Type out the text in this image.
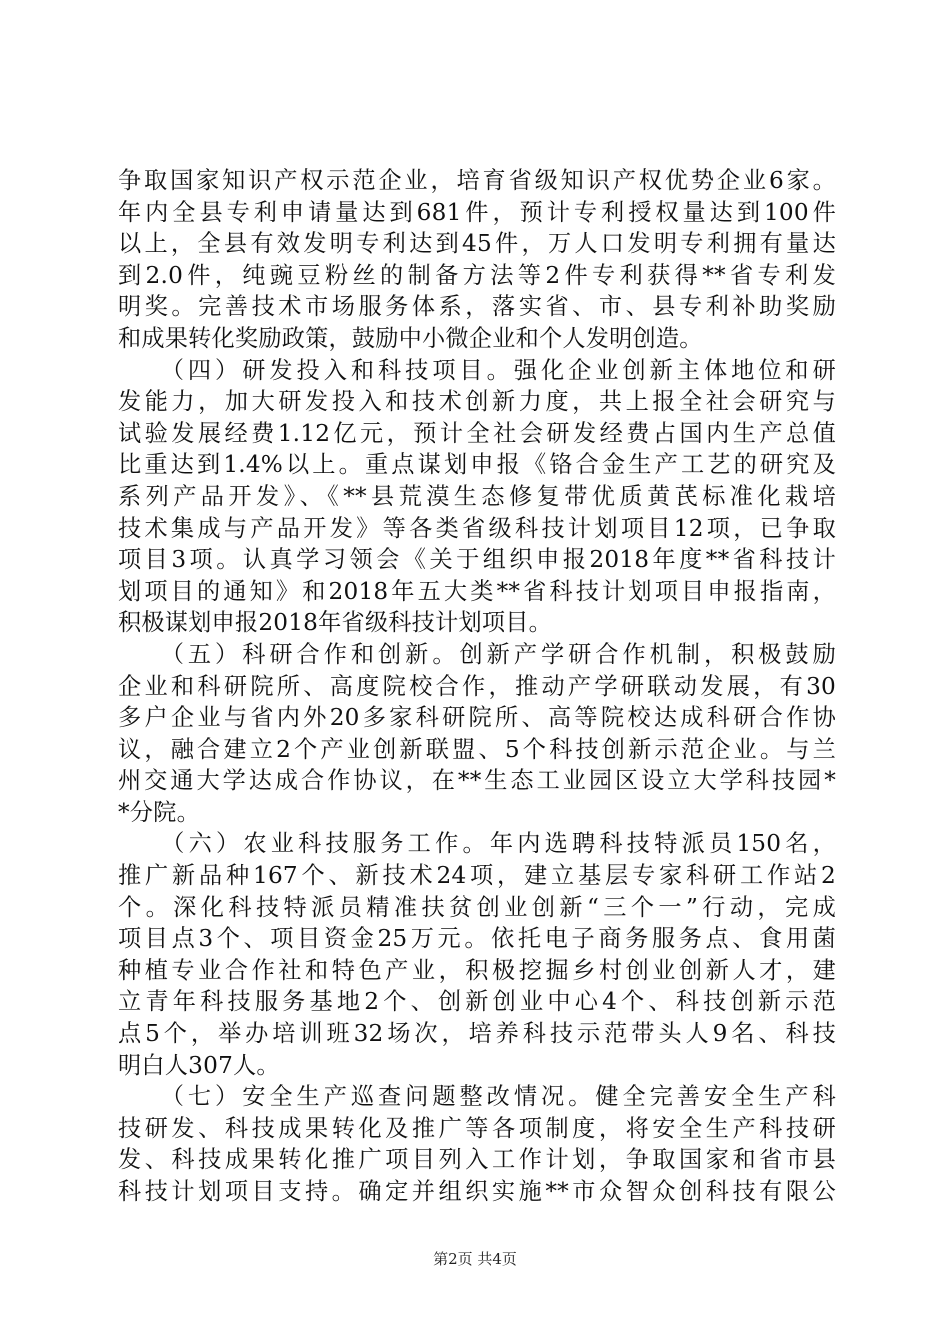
争取国家知识产权示范企业，培育省级知识产权优势企业6家。
年内全县专利申请量达到681件，预计专利授权量达到100件
以上，全县有效发明专利达到45件，万人口发明专利拥有量达
到2.0件，纯豌豆粉丝的制备方法等2件专利获得**省专利发
明奖。完善技术市场服务体系，落实省、市、县专利补助奖励
和成果转化奖励政策，鼓励中小微企业和个人发明创造。
　　（四）研发投入和科技项目。强化企业创新主体地位和研
发能力，加大研发投入和技术创新力度，共上报全社会研究与
试验发展经费1.12亿元，预计全社会研发经费占国内生产总值
比重达到1.4%以上。重点谋划申报《铬合金生产工艺的研究及
系列产品开发》、《**县荒漠生态修复带优质黄芪标准化栽培
技术集成与产品开发》等各类省级科技计划项目12项，已争取
项目3项。认真学习领会《关于组织申报2018年度**省科技计
划项目的通知》和2018年五大类**省科技计划项目申报指南，
积极谋划申报2018年省级科技计划项目。
　　（五）科研合作和创新。创新产学研合作机制，积极鼓励
企业和科研院所、高度院校合作，推动产学研联动发展，有30
多户企业与省内外20多家科研院所、高等院校达成科研合作协
议，融合建立2个产业创新联盟、5个科技创新示范企业。与兰
州交通大学达成合作协议，在**生态工业园区设立大学科技园*
*分院。
　　（六）农业科技服务工作。年内选聘科技特派员150名，
推广新品种167个、新技术24项，建立基层专家科研工作站2
个。深化科技特派员精准扶贫创业创新“三个一”行动，完成
项目点3个、项目资金25万元。依托电子商务服务点、食用菌
种植专业合作社和特色产业，积极挖掘乡村创业创新人才，建
立青年科技服务基地2个、创新创业中心4个、科技创新示范
点5个，举办培训班32场次，培养科技示范带头人9名、科技
明白人307人。
　　（七）安全生产巡查问题整改情况。健全完善安全生产科
技研发、科技成果转化及推广等各项制度，将安全生产科技研
发、科技成果转化推广项目列入工作计划，争取国家和省市县
科技计划项目支持。确定并组织实施**市众智众创科技有限公
第2页 共4页
